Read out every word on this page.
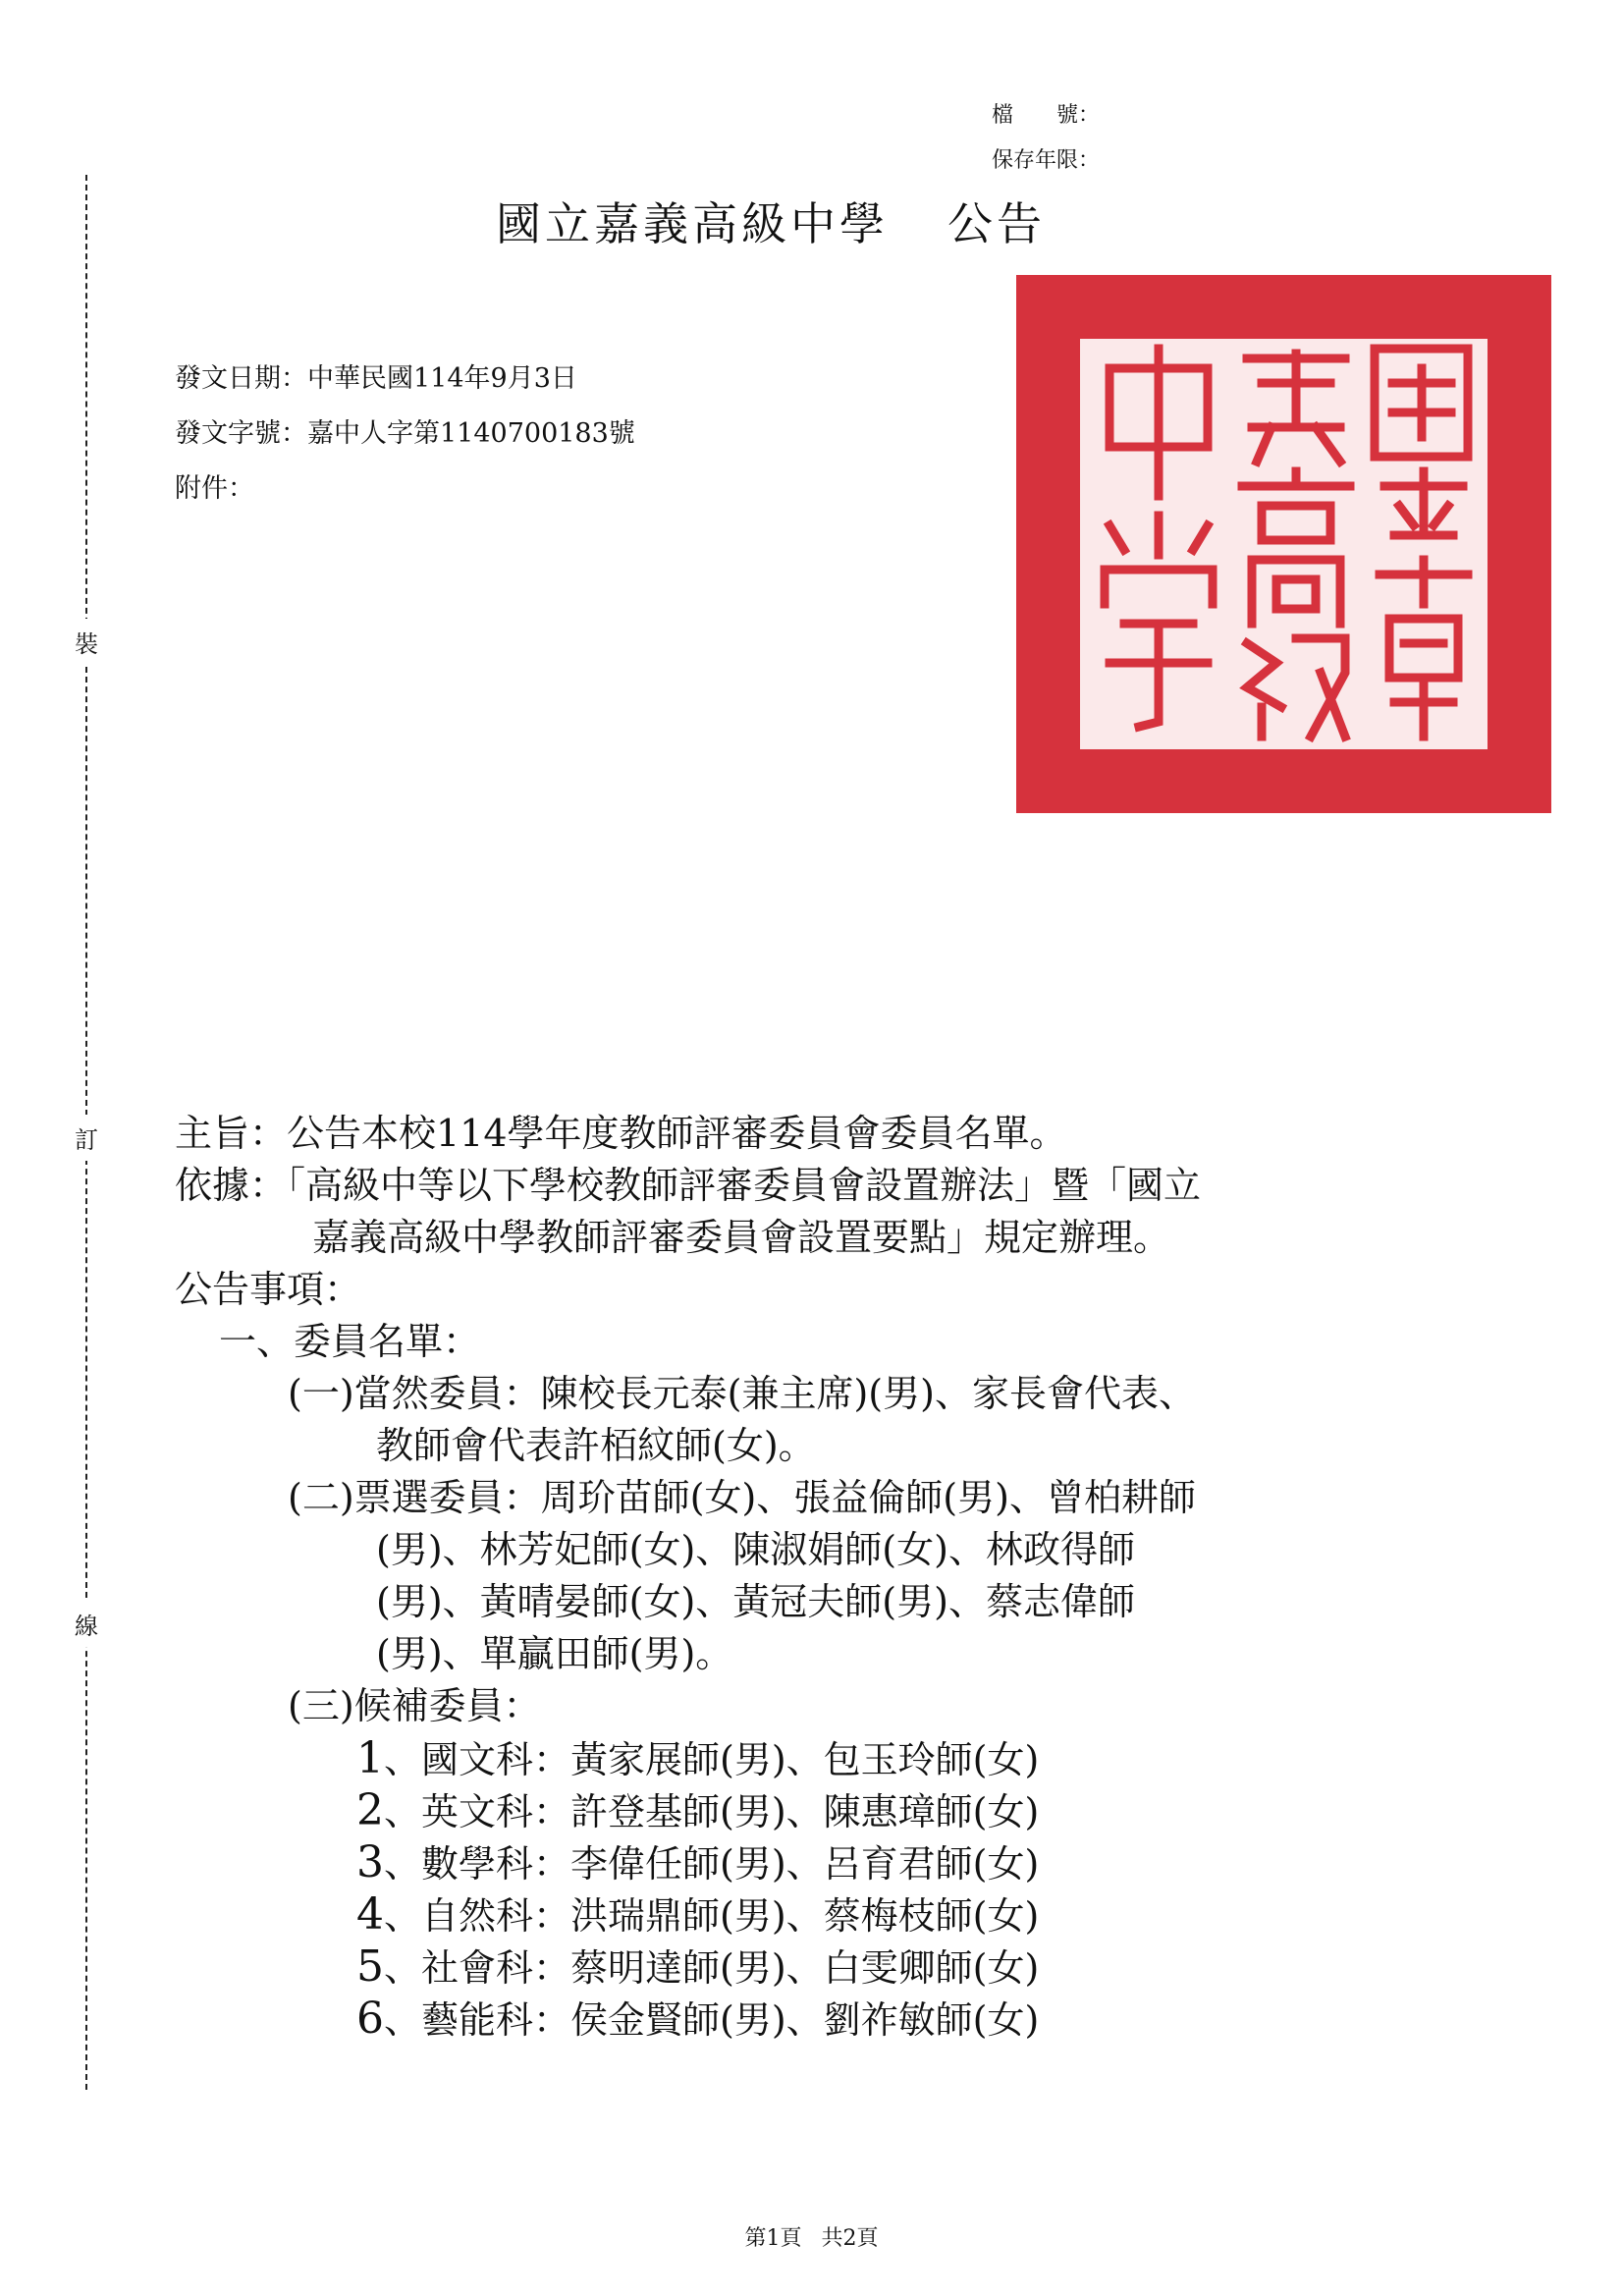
檔　　號：
保存年限：
國立嘉義高級中學 公告
發文日期：中華民國114年9月3日
發文字號：嘉中人字第1140700183號
附件：
裝
訂
線
主旨：公告本校114學年度教師評審委員會委員名單。
依據：「高級中等以下學校教師評審委員會設置辦法」暨「國立
嘉義高級中學教師評審委員會設置要點」規定辦理。
公告事項：
一、委員名單：
(一)當然委員：陳校長元泰(兼主席)(男)、家長會代表、
教師會代表許栢紋師(女)。
(二)票選委員：周玠苗師(女)、張益倫師(男)、曾柏耕師
(男)、林芳妃師(女)、陳淑娟師(女)、林政得師
(男)、黃晴晏師(女)、黃冠夫師(男)、蔡志偉師
(男)、單贏田師(男)。
(三)候補委員：
1、國文科：黃家展師(男)、包玉玲師(女)
2、英文科：許登基師(男)、陳惠璋師(女)
3、數學科：李偉任師(男)、呂育君師(女)
4、自然科：洪瑞鼎師(男)、蔡梅枝師(女)
5、社會科：蔡明達師(男)、白雯卿師(女)
6、藝能科：侯金賢師(男)、劉祚敏師(女)
第1頁 共2頁
